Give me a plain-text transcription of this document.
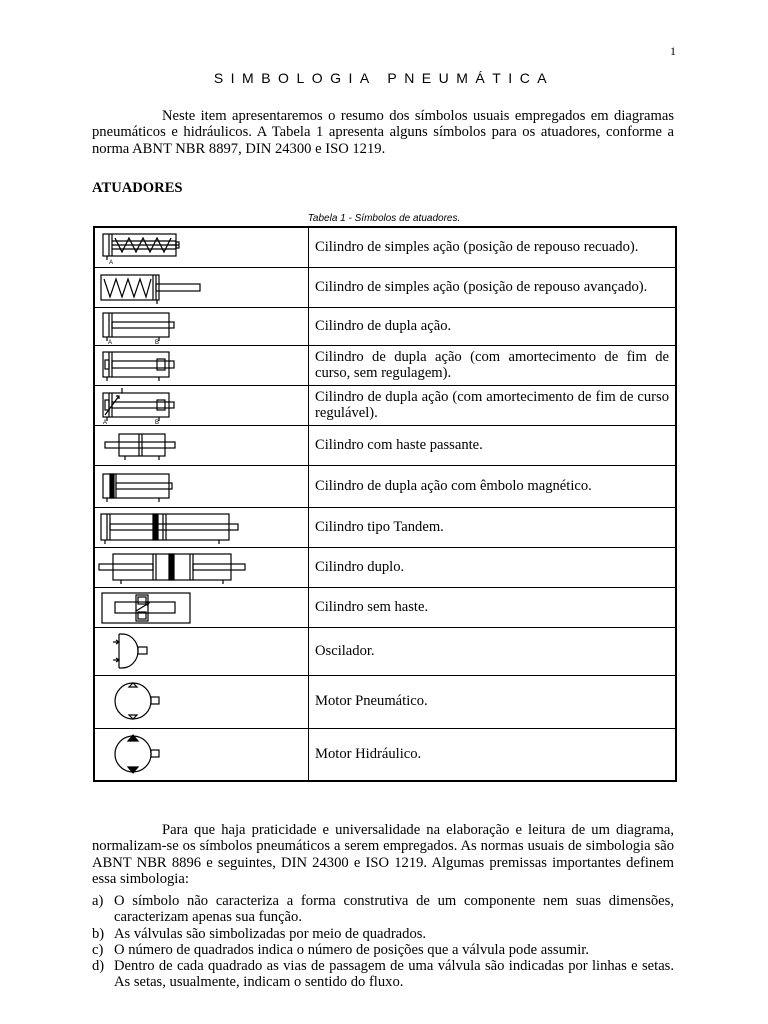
1
SIMBOLOGIA PNEUMÁTICA

Neste item apresentaremos o resumo dos símbolos usuais empregados em diagramas pneumáticos e hidráulicos. A Tabela 1 apresenta alguns símbolos para os atuadores, conforme a norma ABNT NBR 8897, DIN 24300 e ISO 1219.

ATUADORES
Tabela 1 - Símbolos de atuadores.
A	Cilindro de simples ação (posição de repouso recuado).

	Cilindro de simples ação (posição de repouso avançado).

A B	Cilindro de dupla ação.

	Cilindro de dupla ação (com amortecimento de fim de curso, sem regulagem).

A B	Cilindro de dupla ação (com amortecimento de fim de curso regulável).

	Cilindro com haste passante.

	Cilindro de dupla ação com êmbolo magnético.

	Cilindro tipo Tandem.

	Cilindro duplo.

	Cilindro sem haste.

	Oscilador.

	Motor Pneumático.

	Motor Hidráulico.

Para que haja praticidade e universalidade na elaboração e leitura de um diagrama, normalizam-se os símbolos pneumáticos a serem empregados. As normas usuais de simbologia são ABNT NBR 8896 e seguintes, DIN 24300 e ISO 1219. Algumas premissas importantes definem essa simbologia:

a) O símbolo não caracteriza a forma construtiva de um componente nem suas dimensões, caracterizam apenas sua função.
b) As válvulas são simbolizadas por meio de quadrados.
c) O número de quadrados indica o número de posições que a válvula pode assumir.
d) Dentro de cada quadrado as vias de passagem de uma válvula são indicadas por linhas e setas. As setas, usualmente, indicam o sentido do fluxo.
